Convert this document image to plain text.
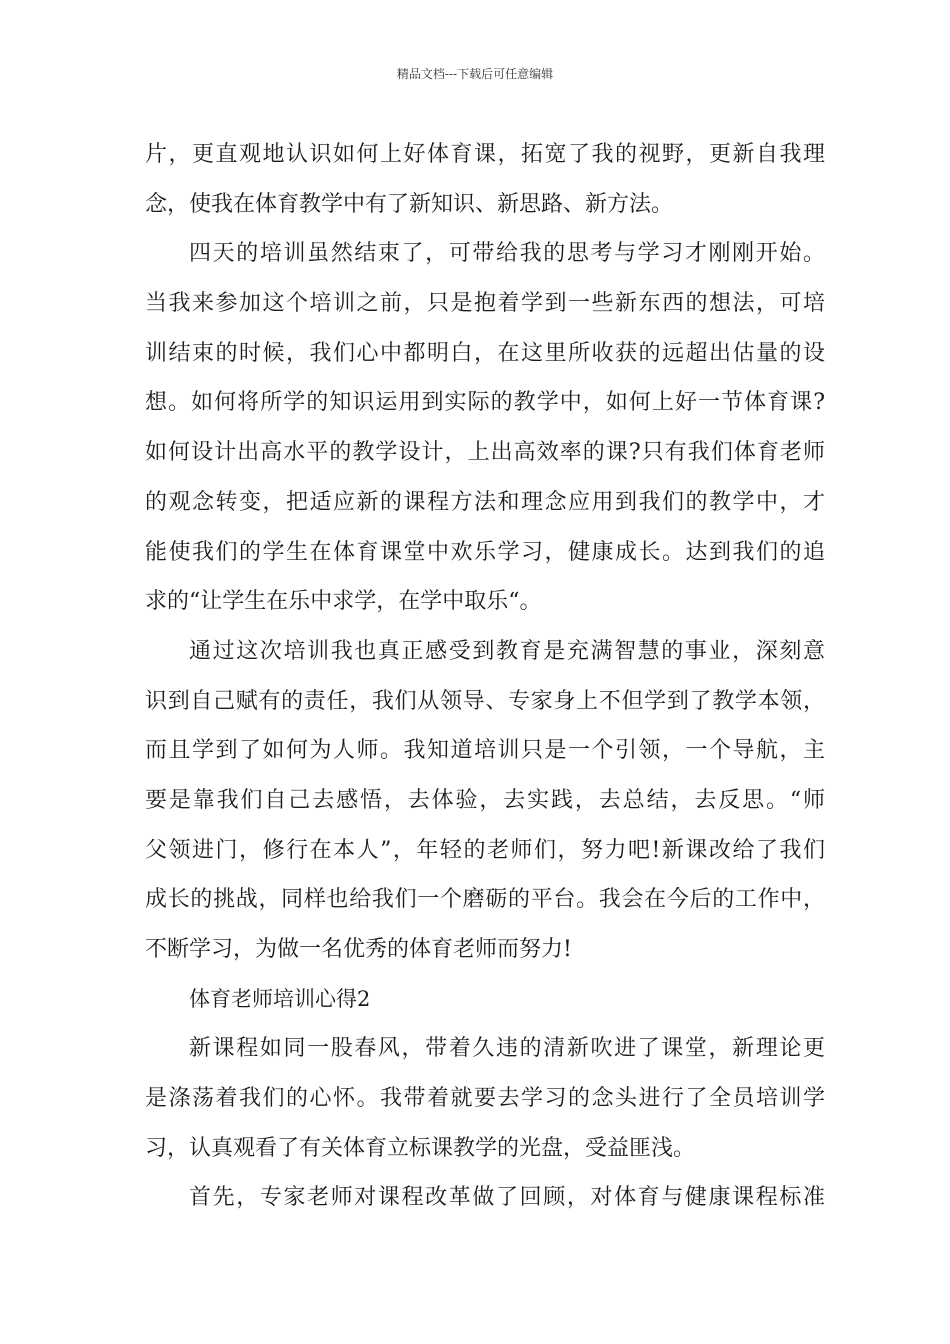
精品文档---下载后可任意编辑
片，更直观地认识如何上好体育课，拓宽了我的视野，更新自我理
念，使我在体育教学中有了新知识、新思路、新方法。
四天的培训虽然结束了，可带给我的思考与学习才刚刚开始。
当我来参加这个培训之前，只是抱着学到一些新东西的想法，可培
训结束的时候，我们心中都明白，在这里所收获的远超出估量的设
想。如何将所学的知识运用到实际的教学中，如何上好一节体育课?
如何设计出高水平的教学设计，上出高效率的课?只有我们体育老师
的观念转变，把适应新的课程方法和理念应用到我们的教学中，才
能使我们的学生在体育课堂中欢乐学习，健康成长。达到我们的追
求的“让学生在乐中求学，在学中取乐“。
通过这次培训我也真正感受到教育是充满智慧的事业，深刻意
识到自己赋有的责任，我们从领导、专家身上不但学到了教学本领，
而且学到了如何为人师。我知道培训只是一个引领，一个导航，主
要是靠我们自己去感悟，去体验，去实践，去总结，去反思。“师
父领进门，修行在本人”，年轻的老师们，努力吧!新课改给了我们
成长的挑战，同样也给我们一个磨砺的平台。我会在今后的工作中，
不断学习，为做一名优秀的体育老师而努力!
体育老师培训心得2
新课程如同一股春风，带着久违的清新吹进了课堂，新理论更
是涤荡着我们的心怀。我带着就要去学习的念头进行了全员培训学
习，认真观看了有关体育立标课教学的光盘，受益匪浅。
首先，专家老师对课程改革做了回顾，对体育与健康课程标准
